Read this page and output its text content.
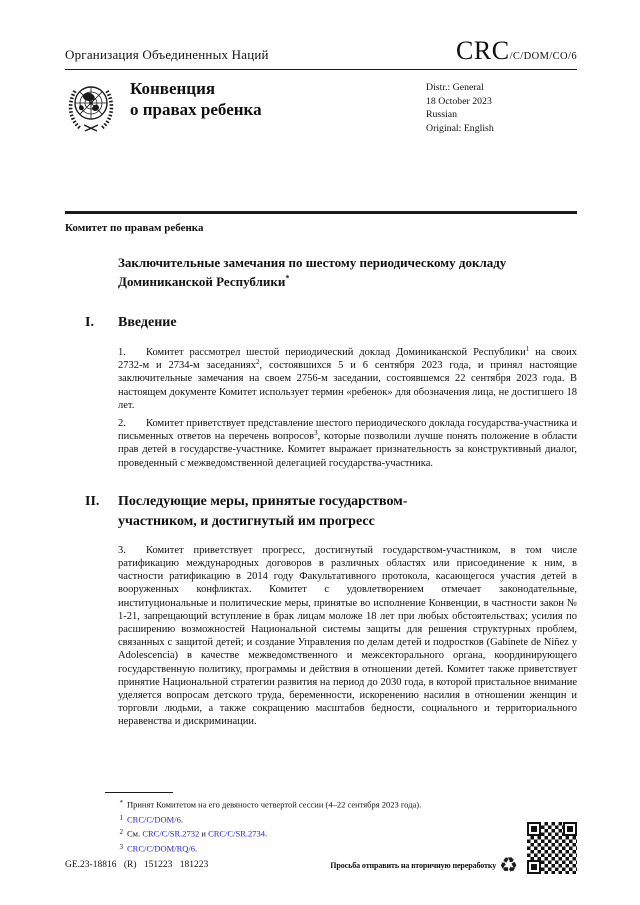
Организация Объединенных Наций	CRC/C/DOM/CO/6
Конвенция
о правах ребенка
Distr.: General
18 October 2023
Russian
Original: English
Комитет по правам ребенка
Заключительные замечания по шестому периодическому докладу Доминиканской Республики*
I.	Введение

1. Комитет рассмотрел шестой периодический доклад Доминиканской Республики$^1$ на своих 2732-м и 2734-м заседаниях$^2$, состоявшихся 5 и 6 сентября 2023 года, и принял настоящие заключительные замечания на своем 2756-м заседании, состоявшемся 22 сентября 2023 года. В настоящем документе Комитет использует термин «ребенок» для обозначения лица, не достигшего 18 лет.

2. Комитет приветствует представление шестого периодического доклада государства-участника и письменных ответов на перечень вопросов$^3$, которые позволили лучше понять положение в области прав детей в государстве-участнике. Комитет выражает признательность за конструктивный диалог, проведенный с межведомственной делегацией государства-участника.

II.	Последующие меры, принятые государством-участником, и достигнутый им прогресс

3. Комитет приветствует прогресс, достигнутый государством-участником, в том числе ратификацию международных договоров в различных областях или присоединение к ним, в частности ратификацию в 2014 году Факультативного протокола, касающегося участия детей в вооруженных конфликтах. Комитет с удовлетворением отмечает законодательные, институциональные и политические меры, принятые во исполнение Конвенции, в частности закон № 1-21, запрещающий вступление в брак лицам моложе 18 лет при любых обстоятельствах; усилия по расширению возможностей Национальной системы защиты для решения структурных проблем, связанных с защитой детей; и создание Управления по делам детей и подростков (Gabinete de Niñez y Adolescencia) в качестве межведомственного и межсекторального органа, координирующего государственную политику, программы и действия в отношении детей. Комитет также приветствует принятие Национальной стратегии развития на период до 2030 года, в которой пристальное внимание уделяется вопросам детского труда, беременности, искоренению насилия в отношении женщин и торговли людьми, а также сокращению масштабов бедности, социального и территориального неравенства и дискриминации.

* Принят Комитетом на его девяносто четвертой сессии (4–22 сентября 2023 года).
1 CRC/C/DOM/6.
2 См. CRC/C/SR.2732 и CRC/C/SR.2734.
3 CRC/C/DOM/RQ/6.
GE.23-18816 (R) 151223 181223	Просьба отправить на вторичную переработку ♻
